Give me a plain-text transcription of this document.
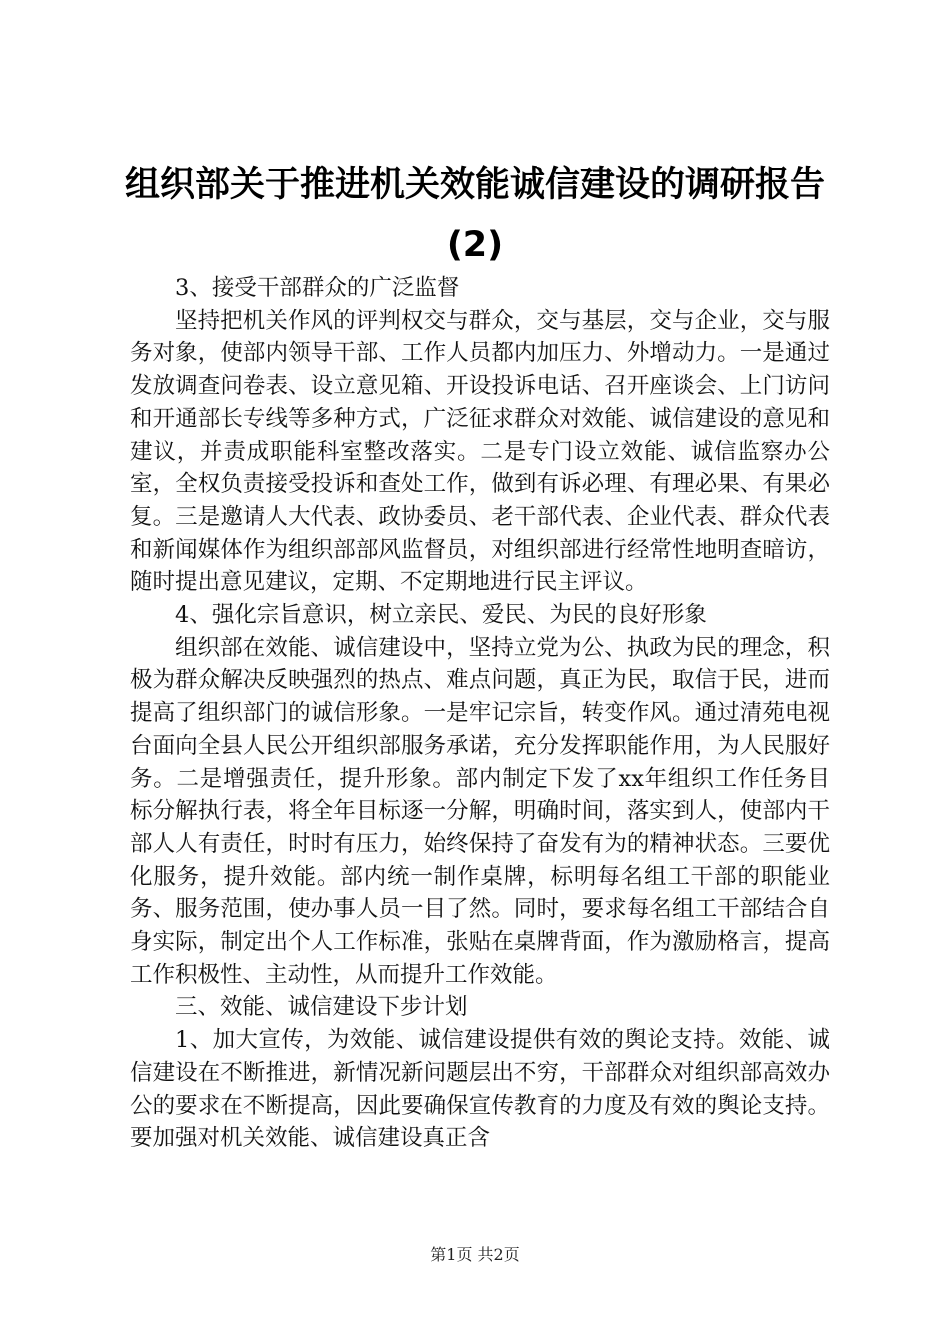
组织部关于推进机关效能诚信建设的调研报告
(2)

3、接受干部群众的广泛监督

坚持把机关作风的评判权交与群众，交与基层，交与企业，交与服务对象，使部内领导干部、工作人员都内加压力、外增动力。一是通过发放调查问卷表、设立意见箱、开设投诉电话、召开座谈会、上门访问和开通部长专线等多种方式，广泛征求群众对效能、诚信建设的意见和建议，并责成职能科室整改落实。二是专门设立效能、诚信监察办公室，全权负责接受投诉和查处工作，做到有诉必理、有理必果、有果必复。三是邀请人大代表、政协委员、老干部代表、企业代表、群众代表和新闻媒体作为组织部部风监督员，对组织部进行经常性地明查暗访，随时提出意见建议，定期、不定期地进行民主评议。

4、强化宗旨意识，树立亲民、爱民、为民的良好形象

组织部在效能、诚信建设中，坚持立党为公、执政为民的理念，积极为群众解决反映强烈的热点、难点问题，真正为民，取信于民，进而提高了组织部门的诚信形象。一是牢记宗旨，转变作风。通过清苑电视台面向全县人民公开组织部服务承诺，充分发挥职能作用，为人民服好务。二是增强责任，提升形象。部内制定下发了xx年组织工作任务目标分解执行表，将全年目标逐一分解，明确时间，落实到人，使部内干部人人有责任，时时有压力，始终保持了奋发有为的精神状态。三要优化服务，提升效能。部内统一制作桌牌，标明每名组工干部的职能业务、服务范围，使办事人员一目了然。同时，要求每名组工干部结合自身实际，制定出个人工作标准，张贴在桌牌背面，作为激励格言，提高工作积极性、主动性，从而提升工作效能。

三、效能、诚信建设下步计划

1、加大宣传，为效能、诚信建设提供有效的舆论支持。效能、诚信建设在不断推进，新情况新问题层出不穷，干部群众对组织部高效办公的要求在不断提高，因此要确保宣传教育的力度及有效的舆论支持。要加强对机关效能、诚信建设真正含

第1页 共2页
